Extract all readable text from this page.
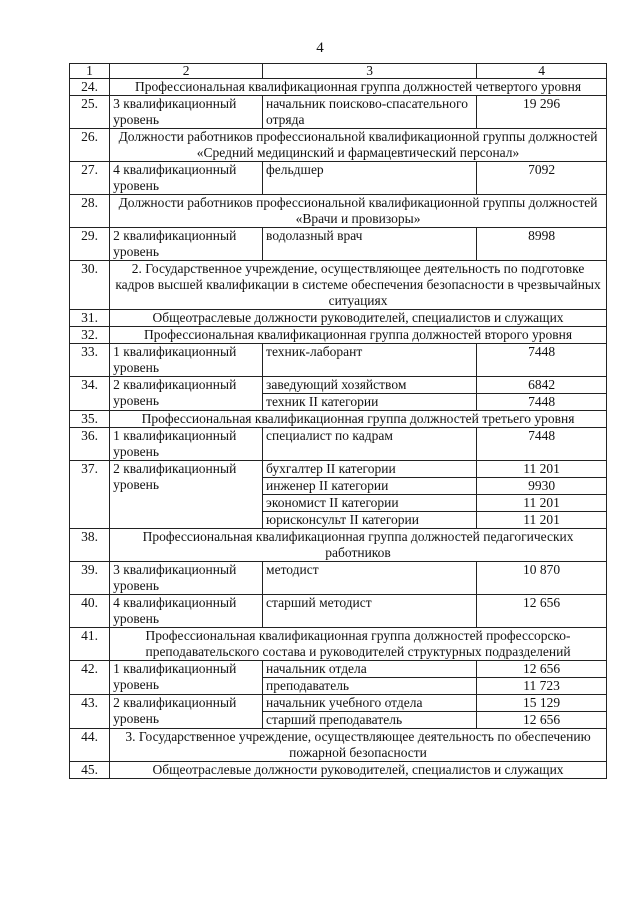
4
1	2	3	4
24.	Профессиональная квалификационная группа должностей четвертого уровня		
25.	3 квалификационный уровень	начальник поисково-спасательного отряда	19 296
26.	Должности работников профессиональной квалификационной группы должностей «Средний медицинский и фармацевтический персонал»		
27.	4 квалификационный уровень	фельдшер	7092
28.	Должности работников профессиональной квалификационной группы должностей «Врачи и провизоры»		
29.	2 квалификационный уровень	водолазный врач	8998
30.	2. Государственное учреждение, осуществляющее деятельность по подготовке кадров высшей квалификации в системе обеспечения безопасности в чрезвычайных ситуациях		
31.	Общеотраслевые должности руководителей, специалистов и служащих		
32.	Профессиональная квалификационная группа должностей второго уровня		
33.	1 квалификационный уровень	техник-лаборант	7448
34.	2 квалификационный уровень	заведующий хозяйством	6842
		техник II категории	7448
35.	Профессиональная квалификационная группа должностей третьего уровня		
36.	1 квалификационный уровень	специалист по кадрам	7448
37.	2 квалификационный уровень	бухгалтер II категории	11 201
		инженер II категории	9930
		экономист II категории	11 201
		юрисконсульт II категории	11 201
38.	Профессиональная квалификационная группа должностей педагогических работников		
39.	3 квалификационный уровень	методист	10 870
40.	4 квалификационный уровень	старший методист	12 656
41.	Профессиональная квалификационная группа должностей профессорско-преподавательского состава и руководителей структурных подразделений		
42.	1 квалификационный уровень	начальник отдела	12 656
		преподаватель	11 723
43.	2 квалификационный уровень	начальник учебного отдела	15 129
		старший преподаватель	12 656
44.	3. Государственное учреждение, осуществляющее деятельность по обеспечению пожарной безопасности		
45.	Общеотраслевые должности руководителей, специалистов и служащих		
